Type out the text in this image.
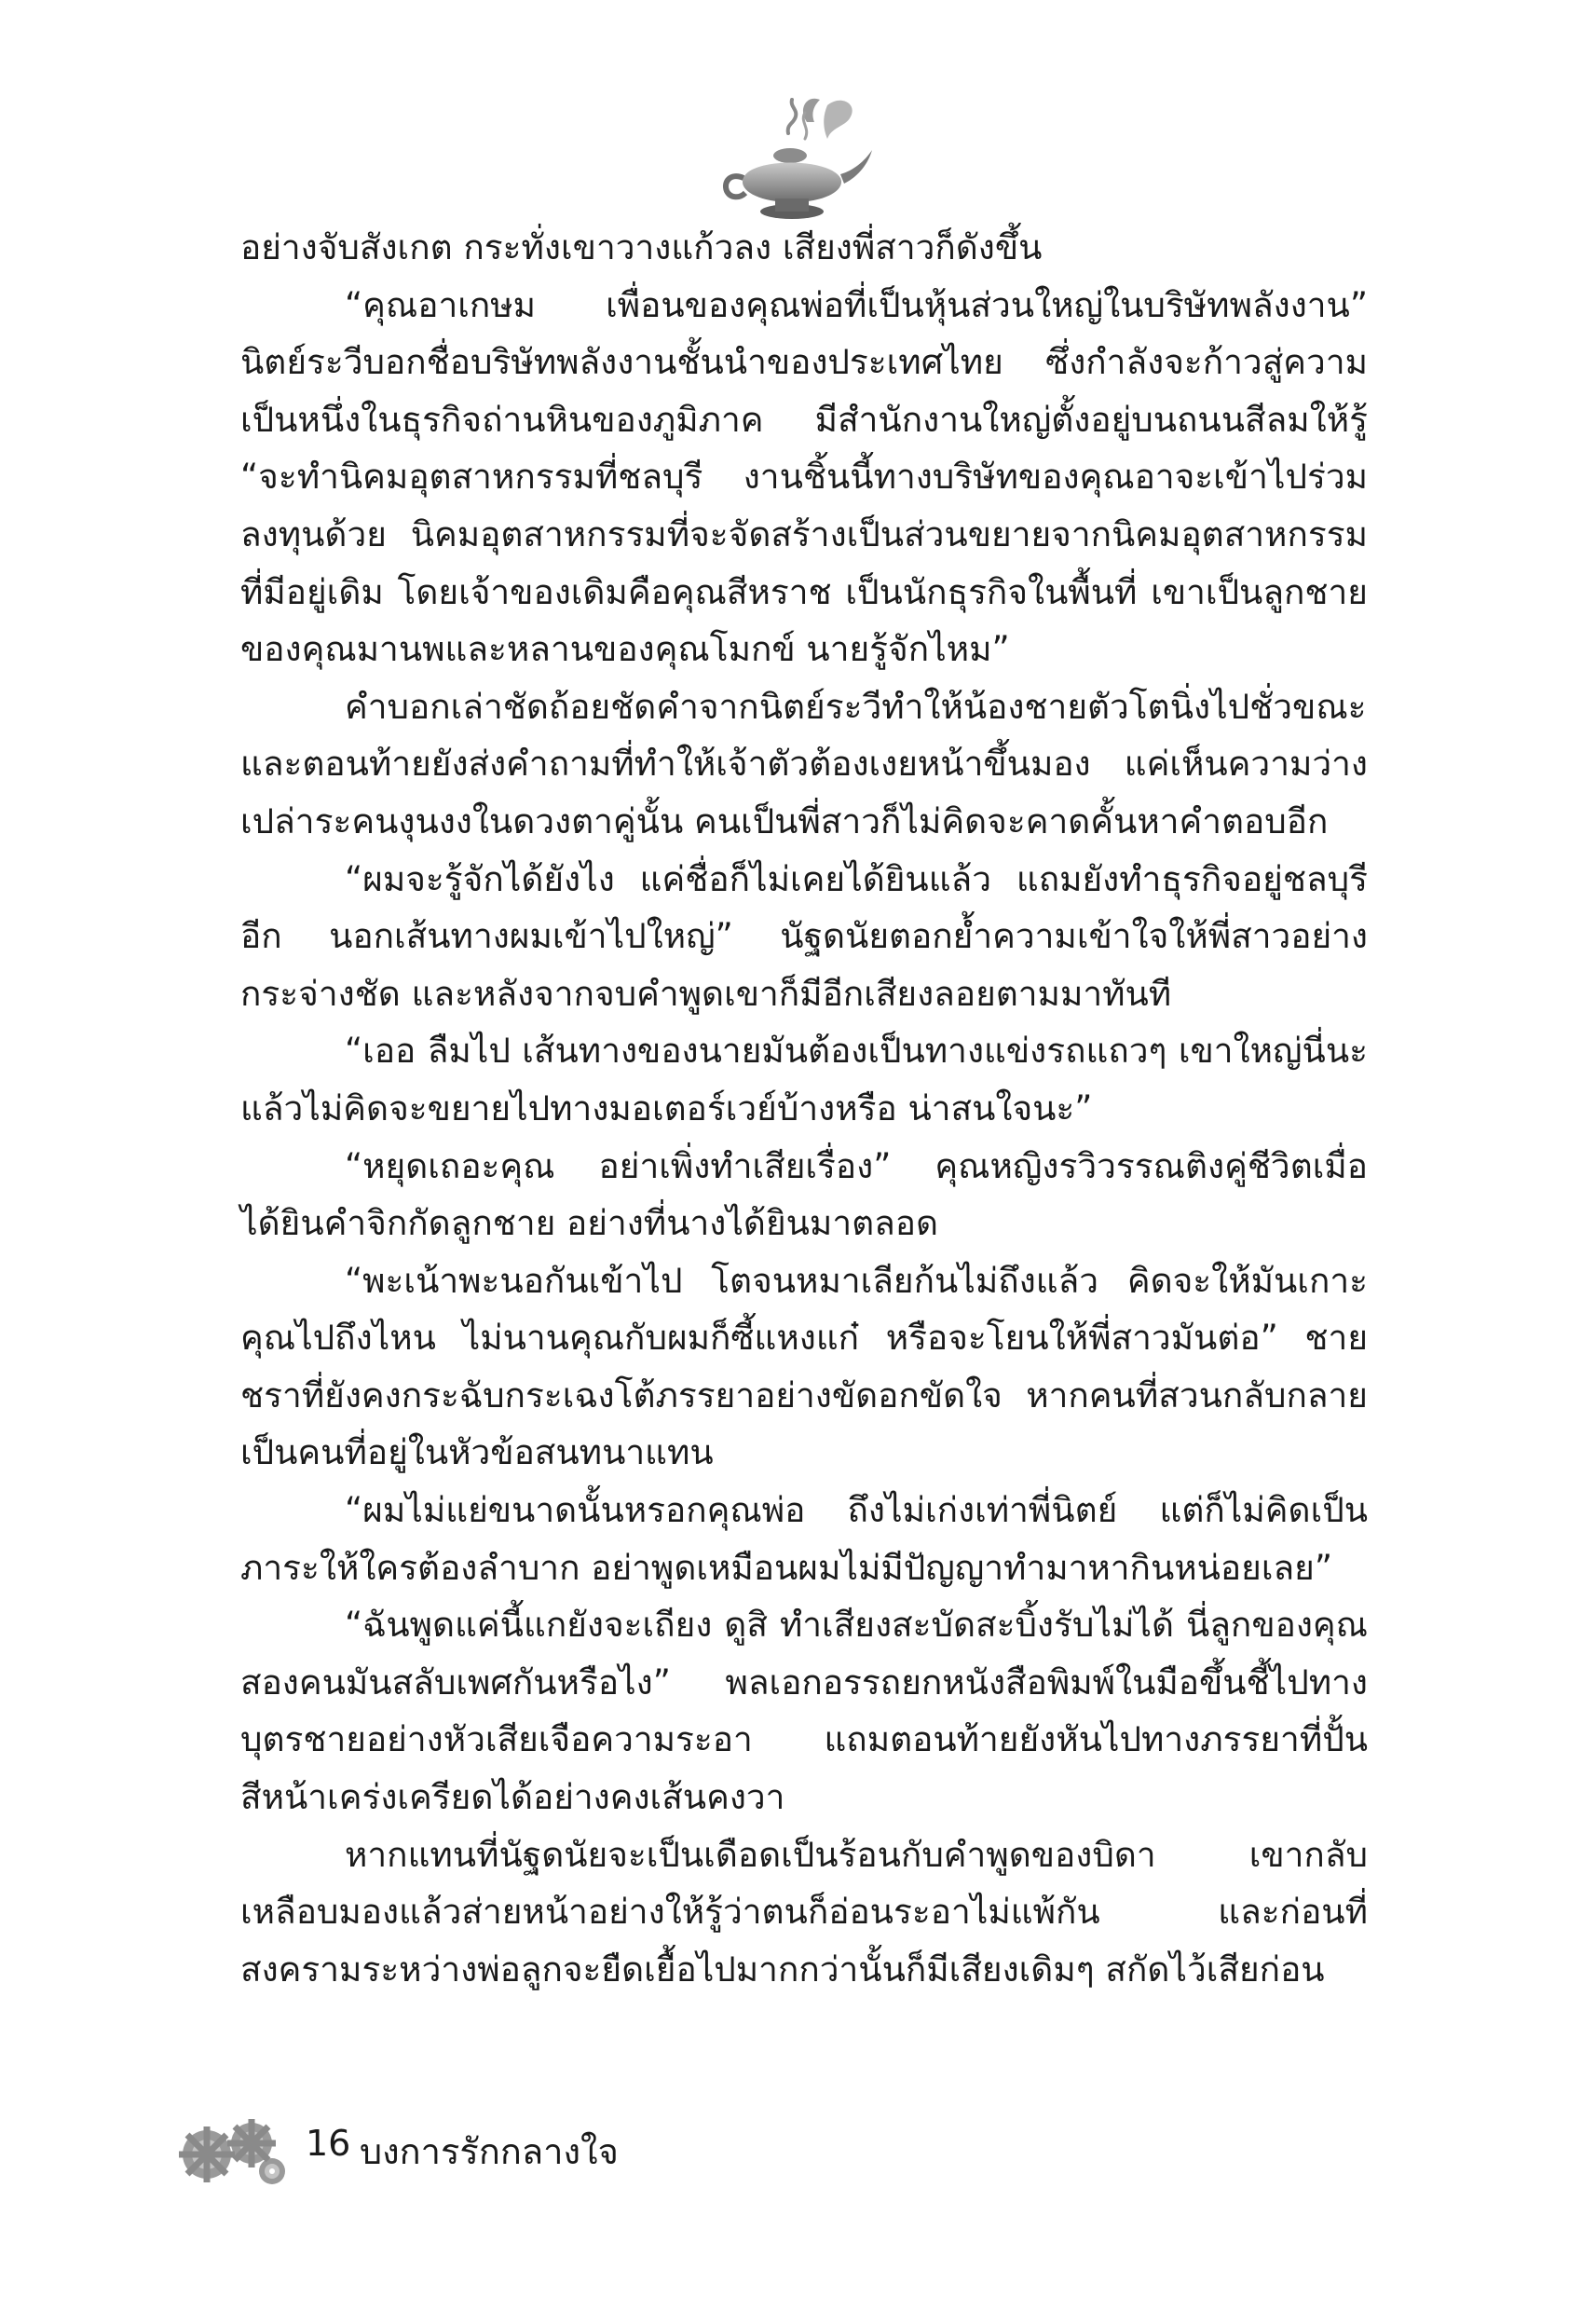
อย่างจับสังเกต กระทั่งเขาวางแก้วลง เสียงพี่สาวก็ดังขึ้น

“คุณอาเกษม เพื่อนของคุณพ่อที่เป็นหุ้นส่วนใหญ่ในบริษัทพลังงาน” นิตย์ระวีบอกชื่อบริษัทพลังงานชั้นนำของประเทศไทย ซึ่งกำลังจะก้าวสู่ความเป็นหนึ่งในธุรกิจถ่านหินของภูมิภาค มีสำนักงานใหญ่ตั้งอยู่บนถนนสีลมให้รู้ “จะทำนิคมอุตสาหกรรมที่ชลบุรี งานชิ้นนี้ทางบริษัทของคุณอาจะเข้าไปร่วมลงทุนด้วย นิคมอุตสาหกรรมที่จะจัดสร้างเป็นส่วนขยายจากนิคมอุตสาหกรรมที่มีอยู่เดิม โดยเจ้าของเดิมคือคุณสีหราช เป็นนักธุรกิจในพื้นที่ เขาเป็นลูกชายของคุณมานพและหลานของคุณโมกข์ นายรู้จักไหม”

คำบอกเล่าชัดถ้อยชัดคำจากนิตย์ระวีทำให้น้องชายตัวโตนิ่งไปชั่วขณะ และตอนท้ายยังส่งคำถามที่ทำให้เจ้าตัวต้องเงยหน้าขึ้นมอง แค่เห็นความว่างเปล่าระคนงุนงงในดวงตาคู่นั้น คนเป็นพี่สาวก็ไม่คิดจะคาดคั้นหาคำตอบอีก

“ผมจะรู้จักได้ยังไง แค่ชื่อก็ไม่เคยได้ยินแล้ว แถมยังทำธุรกิจอยู่ชลบุรีอีก นอกเส้นทางผมเข้าไปใหญ่” นัฐดนัยตอกย้ำความเข้าใจให้พี่สาวอย่างกระจ่างชัด และหลังจากจบคำพูดเขาก็มีอีกเสียงลอยตามมาทันที

“เออ ลืมไป เส้นทางของนายมันต้องเป็นทางแข่งรถแถวๆ เขาใหญ่นี่นะ แล้วไม่คิดจะขยายไปทางมอเตอร์เวย์บ้างหรือ น่าสนใจนะ”

“หยุดเถอะคุณ อย่าเพิ่งทำเสียเรื่อง” คุณหญิงรวิวรรณติงคู่ชีวิตเมื่อได้ยินคำจิกกัดลูกชาย อย่างที่นางได้ยินมาตลอด

“พะเน้าพะนอกันเข้าไป โตจนหมาเลียก้นไม่ถึงแล้ว คิดจะให้มันเกาะคุณไปถึงไหน ไม่นานคุณกับผมก็ซี้แหงแก๋ หรือจะโยนให้พี่สาวมันต่อ” ชายชราที่ยังคงกระฉับกระเฉงโต้ภรรยาอย่างขัดอกขัดใจ หากคนที่สวนกลับกลายเป็นคนที่อยู่ในหัวข้อสนทนาแทน

“ผมไม่แย่ขนาดนั้นหรอกคุณพ่อ ถึงไม่เก่งเท่าพี่นิตย์ แต่ก็ไม่คิดเป็นภาระให้ใครต้องลำบาก อย่าพูดเหมือนผมไม่มีปัญญาทำมาหากินหน่อยเลย”

“ฉันพูดแค่นี้แกยังจะเถียง ดูสิ ทำเสียงสะบัดสะบิ้งรับไม่ได้ นี่ลูกของคุณสองคนมันสลับเพศกันหรือไง” พลเอกอรรถยกหนังสือพิมพ์ในมือขึ้นชี้ไปทางบุตรชายอย่างหัวเสียเจือความระอา แถมตอนท้ายยังหันไปทางภรรยาที่ปั้นสีหน้าเคร่งเครียดได้อย่างคงเส้นคงวา

หากแทนที่นัฐดนัยจะเป็นเดือดเป็นร้อนกับคำพูดของบิดา เขากลับเหลือบมองแล้วส่ายหน้าอย่างให้รู้ว่าตนก็อ่อนระอาไม่แพ้กัน และก่อนที่สงครามระหว่างพ่อลูกจะยืดเยื้อไปมากกว่านั้นก็มีเสียงเดิมๆ สกัดไว้เสียก่อน

16 บงการรักกลางใจ
